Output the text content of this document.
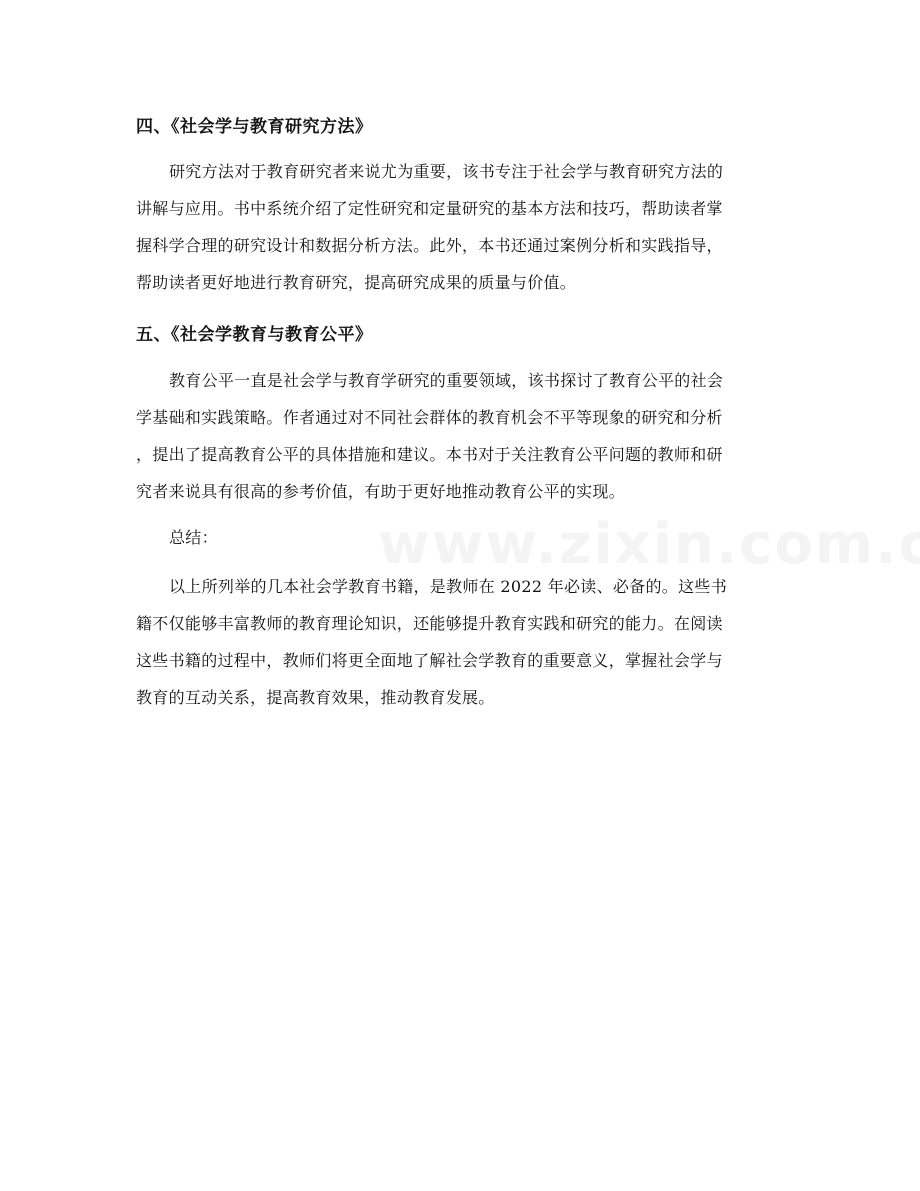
四、《社会学与教育研究方法》

研究方法对于教育研究者来说尤为重要，该书专注于社会学与教育研究方法的
讲解与应用。书中系统介绍了定性研究和定量研究的基本方法和技巧，帮助读者掌
握科学合理的研究设计和数据分析方法。此外，本书还通过案例分析和实践指导，
帮助读者更好地进行教育研究，提高研究成果的质量与价值。

五、《社会学教育与教育公平》

教育公平一直是社会学与教育学研究的重要领域，该书探讨了教育公平的社会
学基础和实践策略。作者通过对不同社会群体的教育机会不平等现象的研究和分析
，提出了提高教育公平的具体措施和建议。本书对于关注教育公平问题的教师和研
究者来说具有很高的参考价值，有助于更好地推动教育公平的实现。

总结：

以上所列举的几本社会学教育书籍，是教师在 2022 年必读、必备的。这些书
籍不仅能够丰富教师的教育理论知识，还能够提升教育实践和研究的能力。在阅读
这些书籍的过程中，教师们将更全面地了解社会学教育的重要意义，掌握社会学与
教育的互动关系，提高教育效果，推动教育发展。
